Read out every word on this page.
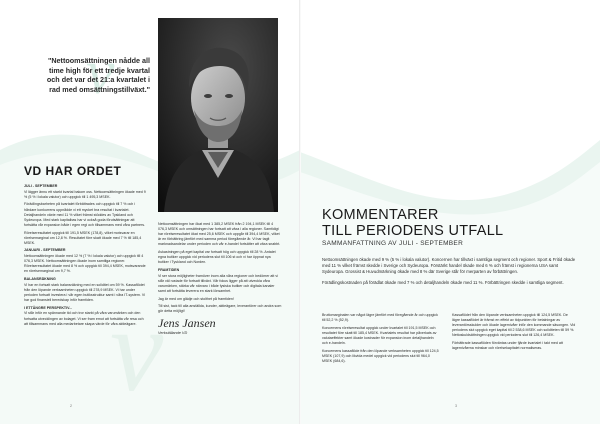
ν
ν
"Nettoomsättningen nådde all time high för ett tredje kvartal och det var det 21:a kvartalet i rad med omsättningstillväxt."
VD HAR ORDET
JULI - SEPTEMBER

Vi lägger ännu ett starkt kvartal bakom oss. Nettoomsättningen ökade med 9 % (5 % i lokala valutor) och uppgick till 1 495,3 MSEK.

Förädlingsbarheten på kvartalet förbättrades och uppgick till 7 % och i hårdare konkurrens uppnådde vi ett mycket bra resultat i kvartalet. Detaljhandeln växte med 11 % vilket främst stöddes av Tyskland och Sydeuropa. Med stark kapitalbas har vi också goda förutsättningar att fortsätta vår expansion både i egen regi och tillsammans med våra partners.

Rörelseresultatet uppgick till 191,5 MSEK (178,8), vilket motsvarar en rörelsemarginal om 12,8 %. Resultatet före skatt ökade med 7 % till 185,4 MSEK.

JANUARI - SEPTEMBER

Nettoomsättningen ökade med 12 % (7 % i lokala valutor) och uppgick till 4 076,3 MSEK. Nettoomsättningen ökade inom samtliga regioner. Rörelseresultatet ökade med 8 % och uppgick till 394,4 MSEK, motsvarande en rörelsemarginal om 9,7 %.

BALANSRÄKNING

Vi har en fortsatt stark balansräkning med en soliditet om 59 %. Kassaflödet från den löpande verksamheten uppgick till 278,9 MSEK. Vi har under perioden fortsatt investera i vår egen butiksstruktur samt i våra IT-system. Vi har god finansiell beredskap inför framtiden.

I ETTÅNGRE PERSPEKTIV...

Vi står inför en spännande tid och tror starkt på våra varumärken och den fortsatta utvecklingen av bolaget. Vi ser fram emot att fortsätta vår resa och att tillsammans med alla medarbetare skapa värde för våra aktieägare.

Nettoomsättningen har ökat med 1 385,2 MSEK från 2 194,1 MSEK till 4 076,3 MSEK och omsättningen har fortsatt att växa i alla regioner. Samtidigt har rörelseresultatet ökat med 25,6 MSEK och uppgår till 394,4 MSEK, vilket är en förbättring jämfört med samma period föregående år. Vi har tagit marknadsandelar under perioden och vår e-handel fortsätter att växa snabbt.

Avkastningen på eget kapital var fortsatt hög och uppgick till 28 %. Antalet egna butiker uppgick vid periodens slut till 106 st och vi har öppnat nya butiker i Tyskland och Norden.

FRAMTIDEN

Vi ser stora möjligheter framöver inom alla våra regioner och bedömer att vi står väl rustade för fortsatt tillväxt. Vår fokus ligger på att utveckla våra varumärken, stärka vår närvaro i både fysiska butiker och digitala kanaler samt att fortsätta leverera en stark lönsamhet.

Jag är med om glädje och stolthet på framtiden!

Till sist, tack till alla anställda, kunder, aktieägare, leverantörer och andra som gör detta möjligt!

Jens Jansen
Verkställande VD
2
KOMMENTARER
TILL PERIODENS UTFALL
SAMMANFATTNING AV JULI - SEPTEMBER

Nettoomsättningen ökade med 9 % (5 % i lokala valutor). Koncernen har tillväxt i samtliga segment och regioner. Sport & Fritid ökade med 11 % vilket främst skedde i Sverige och Sydeuropa. Förstärkt handel ökade med 6 % och främst i regionerna USA samt Sydeuropa. Grossist & Huvudmärkning ökade med 8 % där Sverige står för merparten av förbättringen.

Förädlingskostnaden på förädlat ökade med 7 % och detaljhandeln ökade med 11 %. Förbättringen skedde i samtliga segment.

Bruttomarginalen var något lägre jämfört med föregående år och uppgick till 52,2 % (52,9).

Koncernens rörelseresultat uppgick under kvartalet till 191,5 MSEK och resultatet före skatt till 185,4 MSEK. Kvartalets resultat har påverkats av valutaeffekter samt ökade kostnader för expansion inom detaljhandeln och e-handeln.

Koncernens kassaflöde från den löpande verksamheten uppgick till 124,5 MSEK (107,9) och likvida medel uppgick vid periodens slut till 964,0 MSEK (684,6).

Kassaflödet från den löpande verksamheten uppgick till 124,5 MSEK. De lägre kassaflödet är främst en effekt av tidpunkten för betalningar av leverantörsskulder och ökade lagernivåer inför den kommande säsongen. Vid periodens slut uppgick eget kapital till 2 538,6 MSEK och soliditeten till 59 %. Nettoskuldsättningen uppgick vid periodens slut till 126,4 MSEK.

Förbättrade kassaflöden förväntas under fjärde kvartalet i takt med att lagernivåerna minskar och rörelsekapitalet normaliseras.

3
